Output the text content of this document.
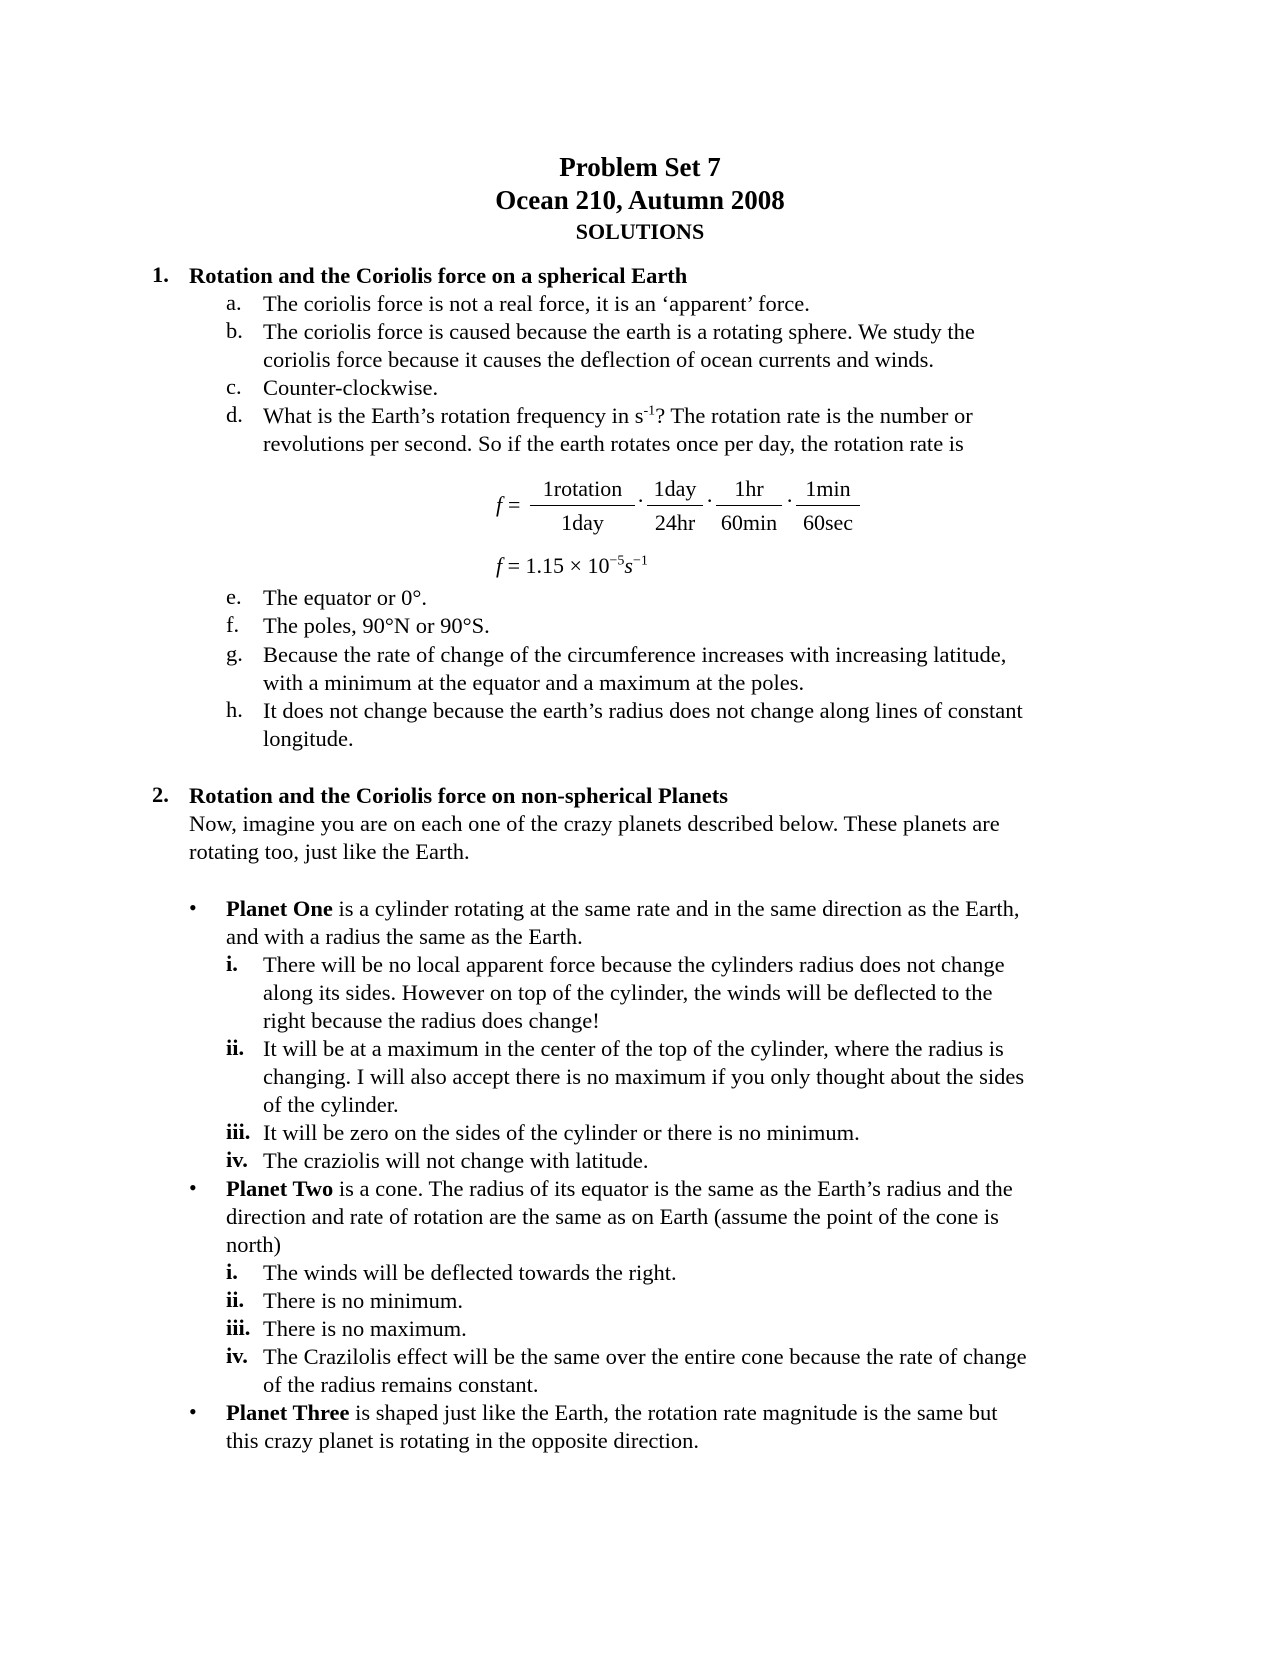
Problem Set 7
Ocean 210, Autumn 2008
SOLUTIONS
1. Rotation and the Coriolis force on a spherical Earth
a. The coriolis force is not a real force, it is an ‘apparent’ force.
b. The coriolis force is caused because the earth is a rotating sphere. We study the
coriolis force because it causes the deflection of ocean currents and winds.
c. Counter-clockwise.
d. What is the Earth’s rotation frequency in $s^{-1}$? The rotation rate is the number or
revolutions per second. So if the earth rotates once per day, the rotation rate is
f =
1rotation
1day
· 1day
24hr
· 1hr
60min
· 1min
60sec
$f = 1.15 \times 10^{-5}s^{-1}$
e. The equator or 0°.
f. The poles, 90°N or 90°S.
g. Because the rate of change of the circumference increases with increasing latitude,
with a minimum at the equator and a maximum at the poles.
h. It does not change because the earth’s radius does not change along lines of constant
longitude.
2. Rotation and the Coriolis force on non-spherical Planets
Now, imagine you are on each one of the crazy planets described below. These planets are
rotating too, just like the Earth.
• Planet One is a cylinder rotating at the same rate and in the same direction as the Earth,
and with a radius the same as the Earth.
i. There will be no local apparent force because the cylinders radius does not change
along its sides. However on top of the cylinder, the winds will be deflected to the
right because the radius does change!
ii. It will be at a maximum in the center of the top of the cylinder, where the radius is
changing. I will also accept there is no maximum if you only thought about the sides
of the cylinder.
iii. It will be zero on the sides of the cylinder or there is no minimum.
iv. The craziolis will not change with latitude.
• Planet Two is a cone. The radius of its equator is the same as the Earth’s radius and the
direction and rate of rotation are the same as on Earth (assume the point of the cone is
north)
i. The winds will be deflected towards the right.
ii. There is no minimum.
iii. There is no maximum.
iv. The Crazilolis effect will be the same over the entire cone because the rate of change
of the radius remains constant.
• Planet Three is shaped just like the Earth, the rotation rate magnitude is the same but
this crazy planet is rotating in the opposite direction.
